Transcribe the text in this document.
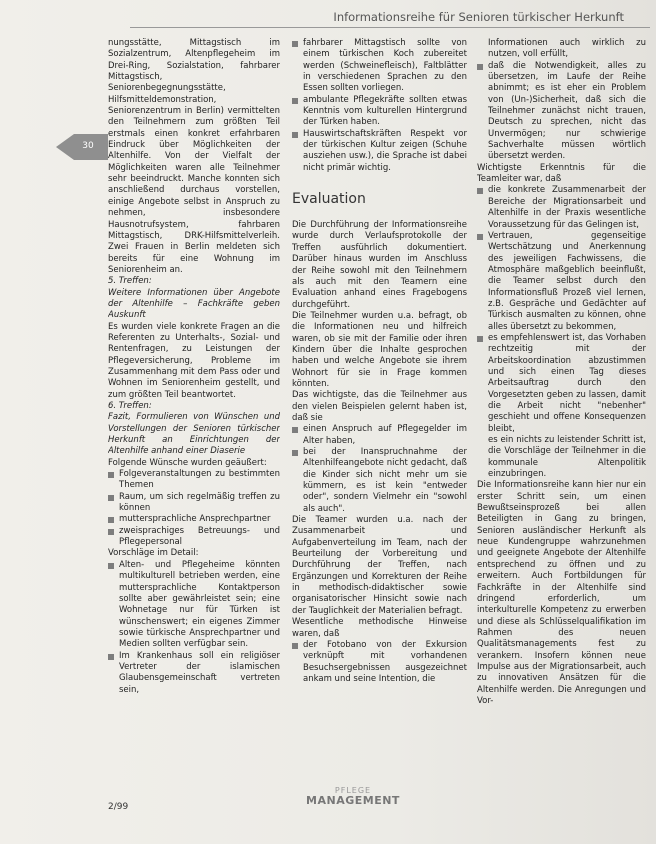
Informationsreihe für Senioren türkischer Herkunft
30

nungsstätte, Mittagstisch im Sozialzentrum, Altenpflegeheim im Drei-Ring, Sozialstation, fahrbarer Mittagstisch, Seniorenbegegnungsstätte, Hilfsmitteldemonstration, Seniorenzentrum in Berlin) vermittelten den Teilnehmern zum größten Teil erstmals einen konkret erfahrbaren Eindruck über Möglichkeiten der Altenhilfe. Von der Vielfalt der Möglichkeiten waren alle Teilnehmer sehr beeindruckt. Manche konnten sich anschließend durchaus vorstellen, einige Angebote selbst in Anspruch zu nehmen, insbesondere Hausnotrufsystem, fahrbaren Mittagstisch, DRK-Hilfsmittelverleih. Zwei Frauen in Berlin meldeten sich bereits für eine Wohnung im Seniorenheim an.

5. Treffen:

Weitere Informationen über Angebote der Altenhilfe – Fachkräfte geben Auskunft

Es wurden viele konkrete Fragen an die Referenten zu Unterhalts-, Sozial- und Rentenfragen, zu Leistungen der Pflegeversicherung, Probleme im Zusammenhang mit dem Pass oder und Wohnen im Seniorenheim gestellt, und zum größten Teil beantwortet.

6. Treffen:

Fazit, Formulieren von Wünschen und Vorstellungen der Senioren türkischer Herkunft an Einrichtungen der Altenhilfe anhand einer Diaserie

Folgende Wünsche wurden geäußert:

Folgeveranstaltungen zu bestimmten Themen
Raum, um sich regelmäßig treffen zu können
muttersprachliche Ansprechpartner
zweisprachiges Betreuungs- und Pflegepersonal

Vorschläge im Detail:

Alten- und Pflegeheime könnten multikulturell betrieben werden, eine muttersprachliche Kontaktperson sollte aber gewährleistet sein; eine Wohnetage nur für Türken ist wünschenswert; ein eigenes Zimmer sowie türkische Ansprechpartner und Medien sollten verfügbar sein.
Im Krankenhaus soll ein religiöser Vertreter der islamischen Glaubensgemeinschaft vertreten sein,
fahrbarer Mittagstisch sollte von einem türkischen Koch zubereitet werden (Schweinefleisch), Faltblätter in verschiedenen Sprachen zu den Essen sollten vorliegen.
ambulante Pflegekräfte sollten etwas Kenntnis vom kulturellen Hintergrund der Türken haben.
Hauswirtschaftskräften Respekt vor der türkischen Kultur zeigen (Schuhe ausziehen usw.), die Sprache ist dabei nicht primär wichtig.
Evaluation

Die Durchführung der Informationsreihe wurde durch Verlaufsprotokolle der Treffen ausführlich dokumentiert. Darüber hinaus wurden im Anschluss der Reihe sowohl mit den Teilnehmern als auch mit den Teamern eine Evaluation anhand eines Fragebogens durchgeführt.

Die Teilnehmer wurden u.a. befragt, ob die Informationen neu und hilfreich waren, ob sie mit der Familie oder ihren Kindern über die Inhalte gesprochen haben und welche Angebote sie ihrem Wohnort für sie in Frage kommen könnten.

Das wichtigste, das die Teilnehmer aus den vielen Beispielen gelernt haben ist, daß sie

einen Anspruch auf Pflegegelder im Alter haben,
bei der Inanspruchnahme der Altenhilfeangebote nicht gedacht, daß die Kinder sich nicht mehr um sie kümmern, es ist kein "entweder oder", sondern Vielmehr ein "sowohl als auch".

Die Teamer wurden u.a. nach der Zusammenarbeit und Aufgabenverteilung im Team, nach der Beurteilung der Vorbereitung und Durchführung der Treffen, nach Ergänzungen und Korrekturen der Reihe in methodisch-didaktischer sowie organisatorischer Hinsicht sowie nach der Tauglichkeit der Materialien befragt.

Wesentliche methodische Hinweise waren, daß

der Fotobano von der Exkursion verknüpft mit vorhandenen Besuchsergebnissen ausgezeichnet ankam und seine Intention, die
Informationen auch wirklich zu nutzen, voll erfüllt,
daß die Notwendigkeit, alles zu übersetzen, im Laufe der Reihe abnimmt; es ist eher ein Problem von (Un-)Sicherheit, daß sich die Teilnehmer zunächst nicht trauen, Deutsch zu sprechen, nicht das Unvermögen; nur schwierige Sachverhalte müssen wörtlich übersetzt werden.

Wichtigste Erkenntnis für die Teamleiter war, daß

die konkrete Zusammenarbeit der Bereiche der Migrationsarbeit und Altenhilfe in der Praxis wesentliche Voraussetzung für das Gelingen ist,
Vertrauen, gegenseitige Wertschätzung und Anerkennung des jeweiligen Fachwissens, die Atmosphäre maßgeblich beeinflußt, die Teamer selbst durch den Informationsfluß Prozeß viel lernen, z.B. Gespräche und Gedächter auf Türkisch ausmalten zu können, ohne alles übersetzt zu bekommen,
es empfehlenswert ist, das Vorhaben rechtzeitig mit der Arbeitskoordination abzustimmen und sich einen Tag dieses Arbeitsauftrag durch den Vorgesetzten geben zu lassen, damit die Arbeit nicht "nebenher" geschieht und offene Konsequenzen bleibt,
es ein nichts zu leistender Schritt ist, die Vorschläge der Teilnehmer in die kommunale Altenpolitik einzubringen.

Die Informationsreihe kann hier nur ein erster Schritt sein, um einen Bewußtseinsprozeß bei allen Beteiligten in Gang zu bringen, Senioren ausländischer Herkunft als neue Kundengruppe wahrzunehmen und geeignete Angebote der Altenhilfe entsprechend zu öffnen und zu erweitern. Auch Fortbildungen für Fachkräfte in der Altenhilfe sind dringend erforderlich, um interkulturelle Kompetenz zu erwerben und diese als Schlüsselqualifikation im Rahmen des neuen Qualitätsmanagements fest zu verankern. Insofern können neue Impulse aus der Migrationsarbeit, auch zu innovativen Ansätzen für die Altenhilfe werden. Die Anregungen und Vor-

2/99
PFLEGE
MANAGEMENT
